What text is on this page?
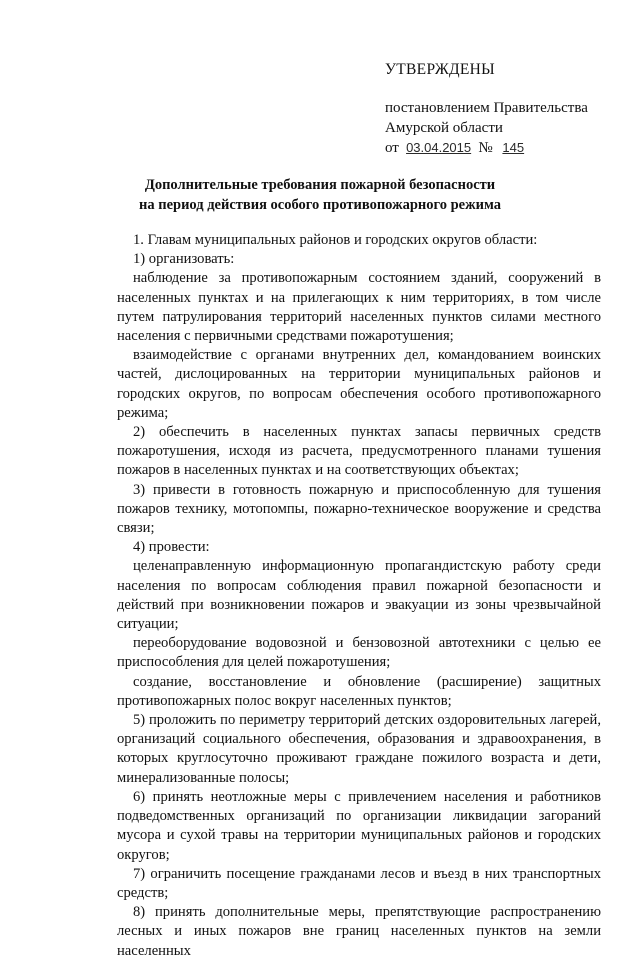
УТВЕРЖДЕНЫ
постановлением Правительства
Амурской области
от 03.04.2015 № 145
Дополнительные требования пожарной безопасности
на период действия особого противопожарного режима

1. Главам муниципальных районов и городских округов области:

1) организовать:

наблюдение за противопожарным состоянием зданий, сооружений в населенных пунктах и на прилегающих к ним территориях, в том числе путем патрулирования территорий населенных пунктов силами местного населения с первичными средствами пожаротушения;

взаимодействие с органами внутренних дел, командованием воинских частей, дислоцированных на территории муниципальных районов и городских округов, по вопросам обеспечения особого противопожарного режима;

2) обеспечить в населенных пунктах запасы первичных средств пожаротушения, исходя из расчета, предусмотренного планами тушения пожаров в населенных пунктах и на соответствующих объектах;

3) привести в готовность пожарную и приспособленную для тушения пожаров технику, мотопомпы, пожарно-техническое вооружение и средства связи;

4) провести:

целенаправленную информационную пропагандистскую работу среди населения по вопросам соблюдения правил пожарной безопасности и действий при возникновении пожаров и эвакуации из зоны чрезвычайной ситуации;

переоборудование водовозной и бензовозной автотехники с целью ее приспособления для целей пожаротушения;

создание, восстановление и обновление (расширение) защитных противопожарных полос вокруг населенных пунктов;

5) проложить по периметру территорий детских оздоровительных лагерей, организаций социального обеспечения, образования и здравоохранения, в которых круглосуточно проживают граждане пожилого возраста и дети, минерализованные полосы;

6) принять неотложные меры с привлечением населения и работников подведомственных организаций по организации ликвидации загораний мусора и сухой травы на территории муниципальных районов и городских округов;

7) ограничить посещение гражданами лесов и въезд в них транспортных средств;

8) принять дополнительные меры, препятствующие распространению лесных и иных пожаров вне границ населенных пунктов на земли населенных
